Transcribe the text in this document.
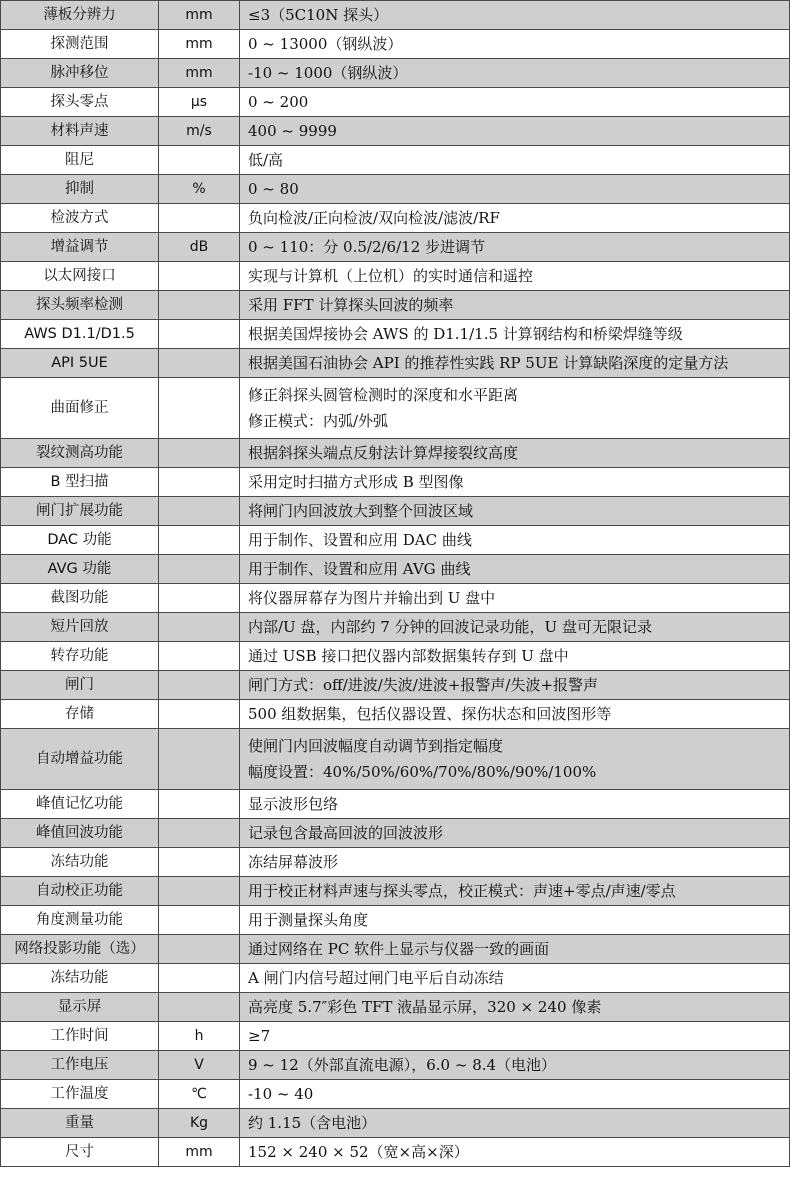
薄板分辨力	mm	≤3（5C10N 探头）
探测范围	mm	0 ~ 13000（钢纵波）
脉冲移位	mm	-10 ~ 1000（钢纵波）
探头零点	μs	0 ~ 200
材料声速	m/s	400 ~ 9999
阻尼		低/高
抑制	%	0 ~ 80
检波方式		负向检波/正向检波/双向检波/滤波/RF
增益调节	dB	0 ~ 110：分 0.5/2/6/12 步进调节
以太网接口		实现与计算机（上位机）的实时通信和遥控
探头频率检测		采用 FFT 计算探头回波的频率
AWS D1.1/D1.5		根据美国焊接协会 AWS 的 D1.1/1.5 计算钢结构和桥梁焊缝等级
API 5UE		根据美国石油协会 API 的推荐性实践 RP 5UE 计算缺陷深度的定量方法
曲面修正		修正斜探头圆管检测时的深度和水平距离
修正模式：内弧/外弧

裂纹测高功能		根据斜探头端点反射法计算焊接裂纹高度
B 型扫描		采用定时扫描方式形成 B 型图像
闸门扩展功能		将闸门内回波放大到整个回波区域
DAC 功能		用于制作、设置和应用 DAC 曲线
AVG 功能		用于制作、设置和应用 AVG 曲线
截图功能		将仪器屏幕存为图片并输出到 U 盘中
短片回放		内部/U 盘，内部约 7 分钟的回波记录功能，U 盘可无限记录
转存功能		通过 USB 接口把仪器内部数据集转存到 U 盘中
闸门		闸门方式：off/进波/失波/进波+报警声/失波+报警声
存储		500 组数据集，包括仪器设置、探伤状态和回波图形等
自动增益功能		使闸门内回波幅度自动调节到指定幅度
幅度设置：40%/50%/60%/70%/80%/90%/100%

峰值记忆功能		显示波形包络
峰值回波功能		记录包含最高回波的回波波形
冻结功能		冻结屏幕波形
自动校正功能		用于校正材料声速与探头零点，校正模式：声速+零点/声速/零点
角度测量功能		用于测量探头角度
网络投影功能（选）		通过网络在 PC 软件上显示与仪器一致的画面
冻结功能		A 闸门内信号超过闸门电平后自动冻结
显示屏		高亮度 5.7″彩色 TFT 液晶显示屏，320 × 240 像素
工作时间	h	≥7
工作电压	V	9 ~ 12（外部直流电源），6.0 ~ 8.4（电池）
工作温度	℃	-10 ~ 40
重量	Kg	约 1.15（含电池）
尺寸	mm	152 × 240 × 52（宽×高×深）
